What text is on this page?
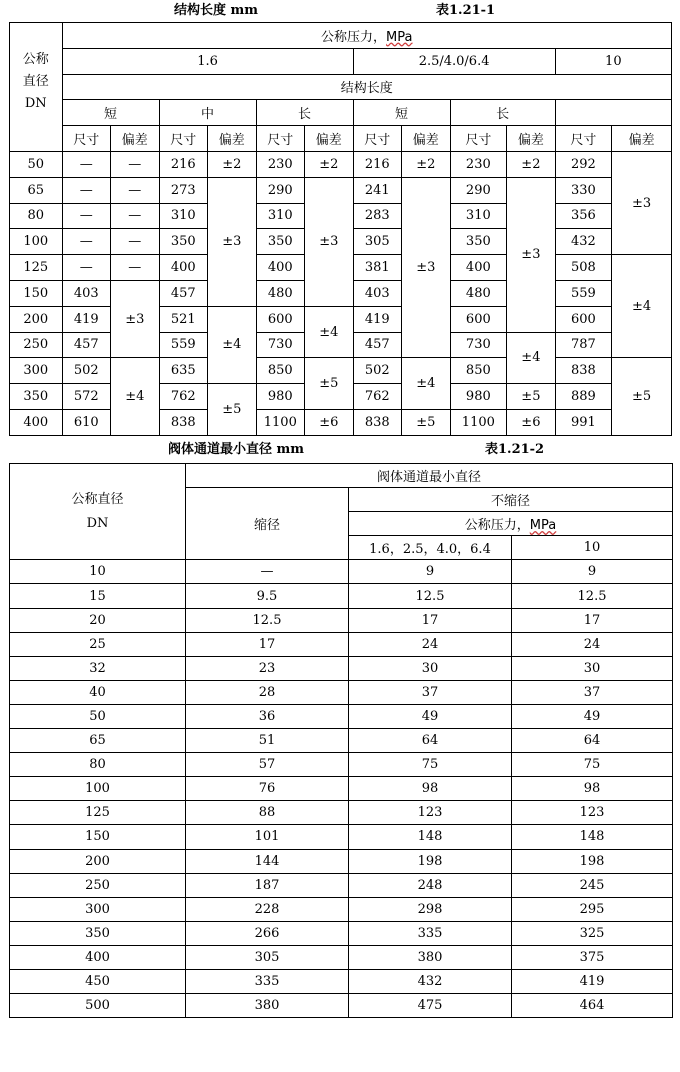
结构长度 mm	表1.21-1
公称
直径
DN	公称压力，MPa											
	1.6						2.5/4.0/6.4				10	
	结构长度											
	短		中		长		短		长			
	尺寸	偏差	尺寸	偏差	尺寸	偏差	尺寸	偏差	尺寸	偏差	尺寸	偏差
50	—	—	216	±2	230	±2	216	±2	230	±2	292	±3
65	—	—	273	±3	290	±3	241	±3	290	±3	330	
80	—	—	310		310		283		310		356	
100	—	—	350		350		305		350		432	
125	—	—	400		400		381		400		508	±4
150	403	±3	457		480		403		480		559	
200	419		521	±4	600	±4	419		600		600	
250	457		559		730		457		730	±4	787	
300	502	±4	635		850	±5	502	±4	850		838	±5
350	572		762	±5	980		762		980	±5	889	
400	610		838		1100	±6	838	±5	1100	±6	991	
阀体通道最小直径 mm	表1.21-2
公称直径
DN	阀体通道最小直径		
	缩径	不缩径	
		公称压力，MPa	
		1.6，2.5，4.0，6.4	10
10	—	9	9
15	9.5	12.5	12.5
20	12.5	17	17
25	17	24	24
32	23	30	30
40	28	37	37
50	36	49	49
65	51	64	64
80	57	75	75
100	76	98	98
125	88	123	123
150	101	148	148
200	144	198	198
250	187	248	245
300	228	298	295
350	266	335	325
400	305	380	375
450	335	432	419
500	380	475	464
